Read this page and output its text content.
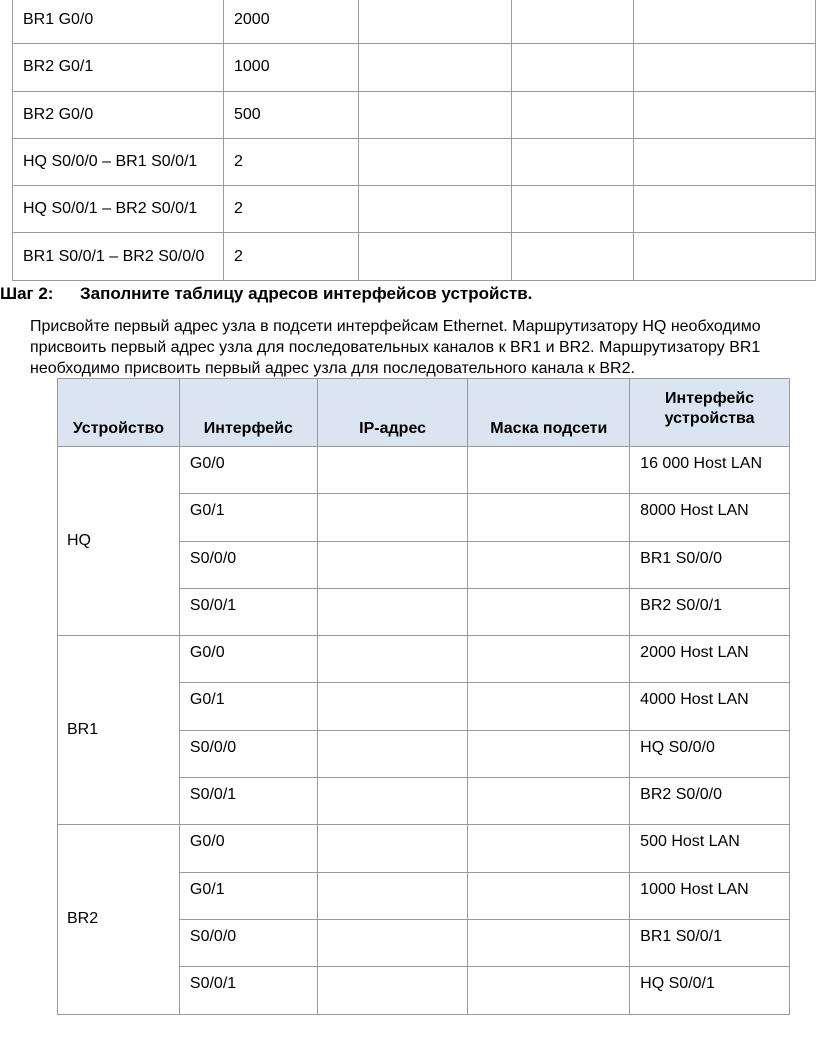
BR1 G0/0	2000			
BR2 G0/1	1000			
BR2 G0/0	500			
HQ S0/0/0 – BR1 S0/0/1	2			
HQ S0/0/1 – BR2 S0/0/1	2			
BR1 S0/0/1 – BR2 S0/0/0	2			
Шаг 2: Заполните таблицу адресов интерфейсов устройств.
Присвойте первый адрес узла в подсети интерфейсам Ethernet. Маршрутизатору HQ необходимо
присвоить первый адрес узла для последовательных каналов к BR1 и BR2. Маршрутизатору BR1
необходимо присвоить первый адрес узла для последовательного канала к BR2.
Устройство	Интерфейс	IP-адрес	Маска подсети	Интерфейс устройства
HQ	G0/0			16 000 Host LAN
	G0/1			8000 Host LAN
	S0/0/0			BR1 S0/0/0
	S0/0/1			BR2 S0/0/1
BR1	G0/0			2000 Host LAN
	G0/1			4000 Host LAN
	S0/0/0			HQ S0/0/0
	S0/0/1			BR2 S0/0/0
BR2	G0/0			500 Host LAN
	G0/1			1000 Host LAN
	S0/0/0			BR1 S0/0/1
	S0/0/1			HQ S0/0/1
